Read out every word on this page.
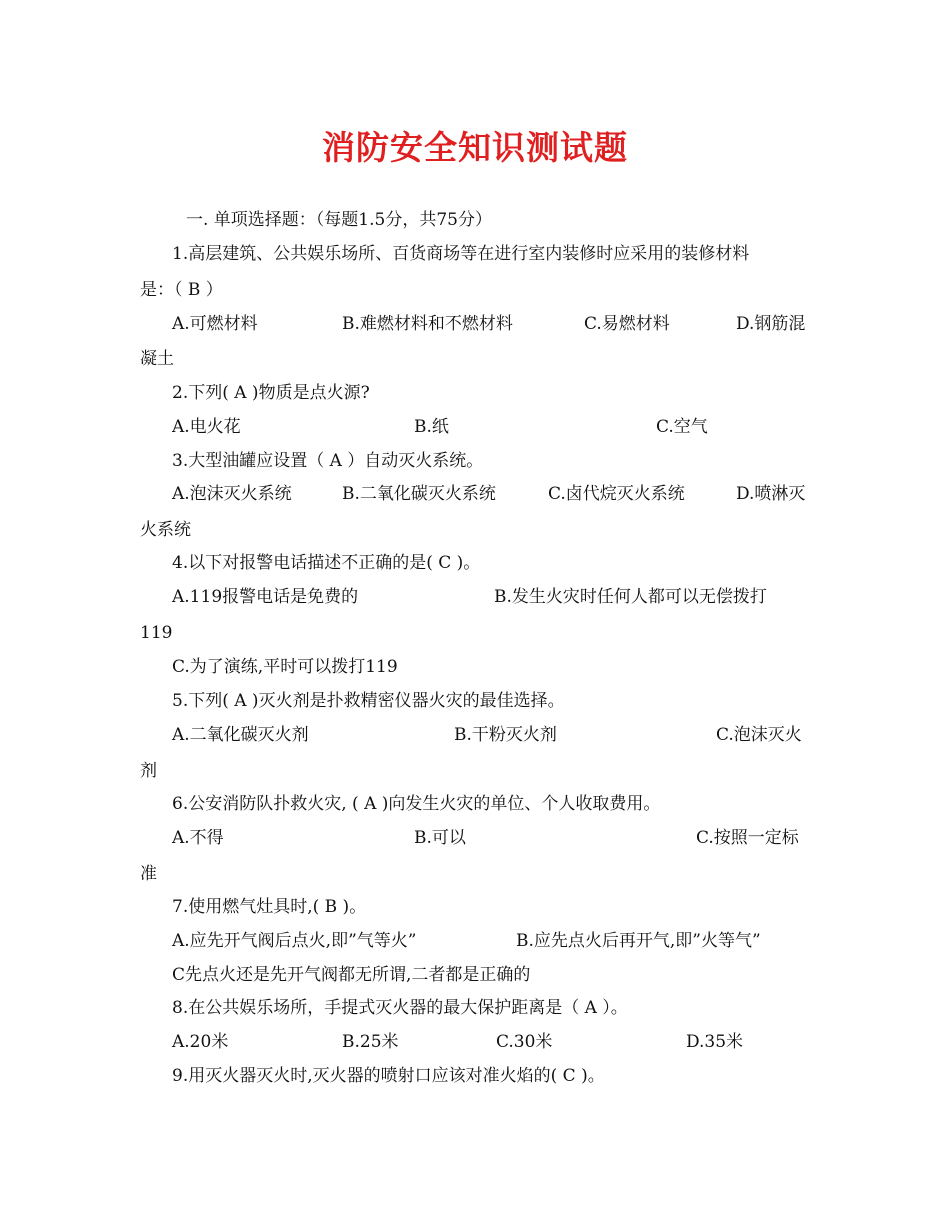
消防安全知识测试题
一. 单项选择题：（每题1.5分，共75分）
1.高层建筑、公共娱乐场所、百货商场等在进行室内装修时应采用的装修材料
是：（ B ）
A.可燃材料	B.难燃材料和不燃材料	C.易燃材料	D.钢筋混
凝土
2.下列( A )物质是点火源?
A.电火花	B.纸	C.空气
3.大型油罐应设置（ A ）自动灭火系统。
A.泡沫灭火系统	B.二氧化碳灭火系统	C.卤代烷灭火系统	D.喷淋灭
火系统
4.以下对报警电话描述不正确的是( C )。
A.119报警电话是免费的	B.发生火灾时任何人都可以无偿拨打
119
C.为了演练,平时可以拨打119
5.下列( A )灭火剂是扑救精密仪器火灾的最佳选择。
A.二氧化碳灭火剂	B.干粉灭火剂	C.泡沫灭火
剂
6.公安消防队扑救火灾, ( A )向发生火灾的单位、个人收取费用。
A.不得	B.可以	C.按照一定标
准
7.使用燃气灶具时,( B )。
A.应先开气阀后点火,即”气等火”	B.应先点火后再开气,即”火等气”
C先点火还是先开气阀都无所谓,二者都是正确的
8.在公共娱乐场所，手提式灭火器的最大保护距离是（ A ）。
A.20米	B.25米	C.30米	D.35米
9.用灭火器灭火时,灭火器的喷射口应该对准火焰的( C )。
